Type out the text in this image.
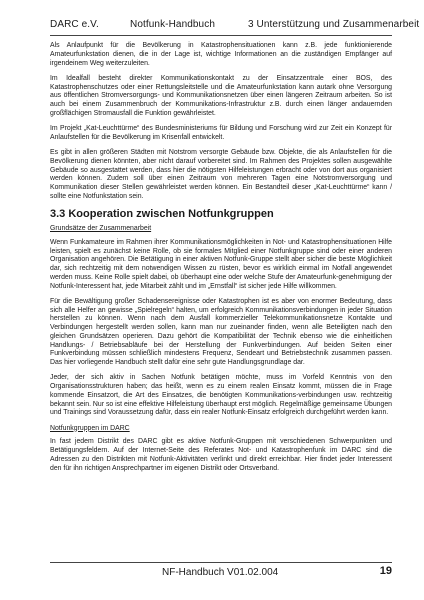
DARC e.V.	Notfunk-Handbuch	3 Unterstützung und Zusammenarbeit

Als Anlaufpunkt für die Bevölkerung in Katastrophensituationen kann z.B. jede funktionierende Amateurfunkstation dienen, die in der Lage ist, wichtige Informationen an die zuständigen Empfänger auf irgendeinem Weg weiterzuleiten.

Im Idealfall besteht direkter Kommunikationskontakt zu der Einsatzzentrale einer BOS, des Katastrophenschutzes oder einer Rettungsleitstelle und die Amateurfunkstation kann autark ohne Versorgung aus öffentlichen Stromversorgungs- und Kommunikationsnetzen über einen längeren Zeitraum arbeiten. So ist auch bei einem Zusammenbruch der Kommunikations-Infrastruktur z.B. durch einen länger andauernden großflächigen Stromausfall die Funktion gewährleistet.

Im Projekt „Kat-Leuchttürme“ des Bundesministeriums für Bildung und Forschung wird zur Zeit ein Konzept für Anlaufstellen für die Bevölkerung im Krisenfall entwickelt.

Es gibt in allen größeren Städten mit Notstrom versorgte Gebäude bzw. Objekte, die als Anlaufstellen für die Bevölkerung dienen könnten, aber nicht darauf vorbereitet sind. Im Rahmen des Projektes sollen ausgewählte Gebäude so ausgestattet werden, dass hier die nötigsten Hilfeleistungen erbracht oder von dort aus organisiert werden können. Zudem soll über einen Zeitraum von mehreren Tagen eine Notstromversorgung und Kommunikation dieser Stellen gewährleistet werden können. Ein Bestandteil dieser „Kat-Leuchttürme“ kann / sollte eine Notfunkstation sein.

3.3 Kooperation zwischen Notfunkgruppen
Grundsätze der Zusammenarbeit

Wenn Funkamateure im Rahmen ihrer Kommunikationsmöglichkeiten in Not- und Katastrophensituationen Hilfe leisten, spielt es zunächst keine Rolle, ob sie formales Mitglied einer Notfunkgruppe sind oder einer anderen Organisation angehören. Die Betätigung in einer aktiven Notfunk-Gruppe stellt aber sicher die beste Möglichkeit dar, sich rechtzeitig mit dem notwendigen Wissen zu rüsten, bevor es wirklich einmal im Notfall angewendet werden muss. Keine Rolle spielt dabei, ob überhaupt eine oder welche Stufe der Amateurfunk-genehmigung der Notfunk-Interessent hat, jede Mitarbeit zählt und im „Ernstfall“ ist sicher jede Hilfe willkommen.

Für die Bewältigung großer Schadensereignisse oder Katastrophen ist es aber von enormer Bedeutung, dass sich alle Helfer an gewisse „Spielregeln“ halten, um erfolgreich Kommunikationsverbindungen in jeder Situation herstellen zu können. Wenn nach dem Ausfall kommerzieller Telekommunikationsnetze Kontakte und Verbindungen hergestellt werden sollen, kann man nur zueinander finden, wenn alle Beteiligten nach den gleichen Grundsätzen operieren. Dazu gehört die Kompatibilität der Technik ebenso wie die einheitlichen Handlungs- / Betriebsabläufe bei der Herstellung der Funkverbindungen. Auf beiden Seiten einer Funkverbindung müssen schließlich mindestens Frequenz, Sendeart und Betriebstechnik zusammen passen. Das hier vorliegende Handbuch stellt dafür eine sehr gute Handlungsgrundlage dar.

Jeder, der sich aktiv in Sachen Notfunk betätigen möchte, muss im Vorfeld Kenntnis von den Organisationsstrukturen haben; das heißt, wenn es zu einem realen Einsatz kommt, müssen die in Frage kommende Einsatzort, die Art des Einsatzes, die benötigten Kommunikations-verbindungen usw. rechtzeitig bekannt sein. Nur so ist eine effektive Hilfeleistung überhaupt erst möglich. Regelmäßige gemeinsame Übungen und Trainings sind Voraussetzung dafür, dass ein realer Notfunk-Einsatz erfolgreich durchgeführt werden kann.

Notfunkgruppen im DARC

In fast jedem Distrikt des DARC gibt es aktive Notfunk-Gruppen mit verschiedenen Schwerpunkten und Betätigungsfeldern. Auf der Internet-Seite des Referates Not- und Katastrophenfunk im DARC sind die Adressen zu den Distrikten mit Notfunk-Aktivitäten verlinkt und direkt erreichbar. Hier findet jeder Interessent den für ihn richtigen Ansprechpartner im eigenen Distrikt oder Ortsverband.

NF-Handbuch V01.02.004	19
